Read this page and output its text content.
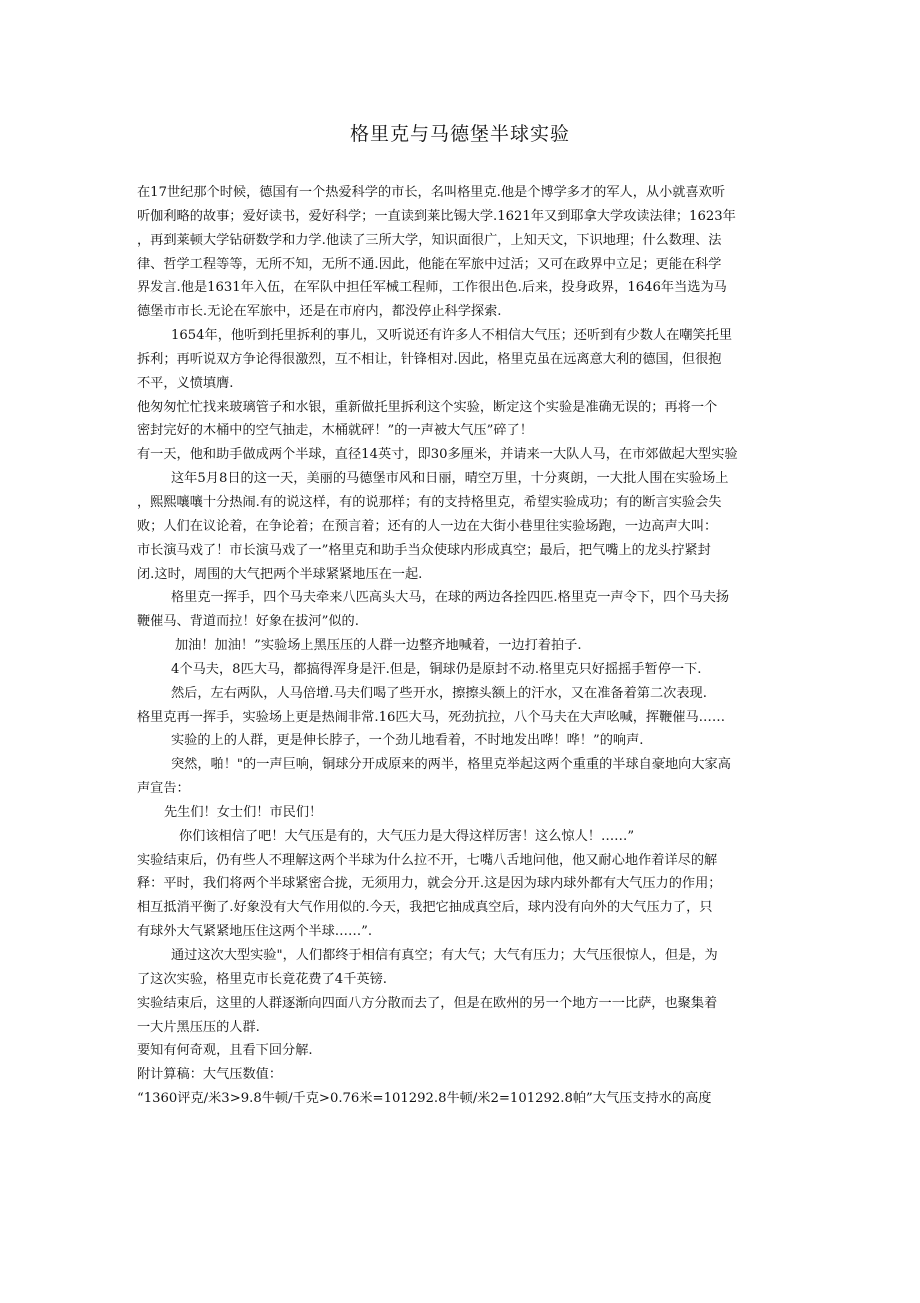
格里克与马德堡半球实验
在17世纪那个时候，德国有一个热爱科学的市长，名叫格里克.他是个博学多才的军人，从小就喜欢听
听伽利略的故事；爱好读书，爱好科学；一直读到莱比锡大学.1621年又到耶拿大学攻读法律；1623年
，再到莱顿大学钻研数学和力学.他读了三所大学，知识面很广，上知天文，下识地理；什么数理、法
律、哲学工程等等，无所不知，无所不通.因此，他能在军旅中过活；又可在政界中立足；更能在科学
界发言.他是1631年入伍，在军队中担任军械工程师，工作很出色.后来，投身政界，1646年当选为马
德堡市市长.无论在军旅中，还是在市府内，都没停止科学探索.
1654年，他听到托里拆利的事儿，又听说还有许多人不相信大气压；还听到有少数人在嘲笑托里
拆利；再听说双方争论得很激烈，互不相让，针锋相对.因此，格里克虽在远离意大利的德国，但很抱
不平，义愤填膺.
他匆匆忙忙找来玻璃管子和水银，重新做托里拆利这个实验，断定这个实验是准确无误的；再将一个
密封完好的木桶中的空气抽走，木桶就砰！”的一声被大气压”碎了！
有一天，他和助手做成两个半球，直径14英寸，即30多厘米，并请来一大队人马，在市郊做起大型实验
这年5月8日的这一天，美丽的马德堡市风和日丽，晴空万里，十分爽朗，一大批人围在实验场上
，熙熙嚷嚷十分热闹.有的说这样，有的说那样；有的支持格里克，希望实验成功；有的断言实验会失
败；人们在议论着，在争论着；在预言着；还有的人一边在大街小巷里往实验场跑，一边高声大叫：
市长演马戏了！市长演马戏了一”格里克和助手当众使球内形成真空；最后，把气嘴上的龙头拧紧封
闭.这时，周围的大气把两个半球紧紧地压在一起.
格里克一挥手，四个马夫牵来八匹高头大马，在球的两边各拴四匹.格里克一声令下，四个马夫扬
鞭催马、背道而拉！好象在拔河”似的.
加油！加油！”实验场上黑压压的人群一边整齐地喊着，一边打着拍子.
4个马夫，8匹大马，都搞得浑身是汗.但是，铜球仍是原封不动.格里克只好摇摇手暂停一下.
然后，左右两队，人马倍增.马夫们喝了些开水，擦擦头额上的汗水，又在准备着第二次表现.
格里克再一挥手，实验场上更是热闹非常.16匹大马，死劲抗拉，八个马夫在大声吆喊，挥鞭催马……
实验的上的人群，更是伸长脖子，一个劲儿地看着，不时地发出哗！哗！”的响声.
突然，啪！"的一声巨响，铜球分开成原来的两半，格里克举起这两个重重的半球自豪地向大家高
声宣告：
先生们！女士们！市民们！
你们该相信了吧！大气压是有的，大气压力是大得这样厉害！这么惊人！……”
实验结束后，仍有些人不理解这两个半球为什么拉不开，七嘴八舌地问他，他又耐心地作着详尽的解
释：平时，我们将两个半球紧密合拢，无须用力，就会分开.这是因为球内球外都有大气压力的作用；
相互抵消平衡了.好象没有大气作用似的.今天，我把它抽成真空后，球内没有向外的大气压力了，只
有球外大气紧紧地压住这两个半球……”.
通过这次大型实验"，人们都终于相信有真空；有大气；大气有压力；大气压很惊人，但是，为
了这次实验，格里克市长竟花费了4千英镑.
实验结束后，这里的人群逐渐向四面八方分散而去了，但是在欧州的另一个地方一一比萨，也聚集着
一大片黑压压的人群.
要知有何奇观，且看下回分解.
附计算稿：大气压数值：
“1360评克/米3>9.8牛顿/千克>0.76米=101292.8牛顿/米2=101292.8帕”大气压支持水的高度
